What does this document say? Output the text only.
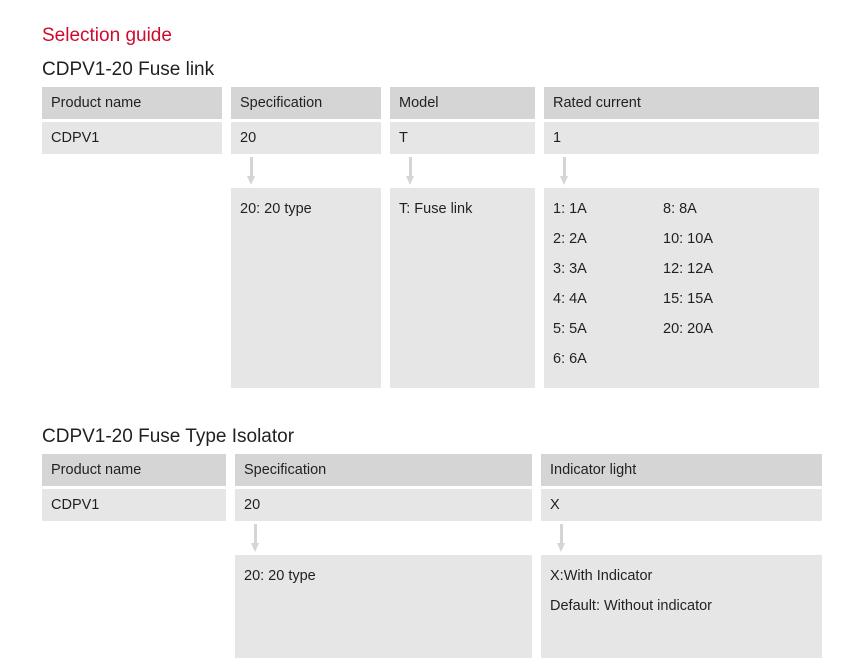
Selection guide
CDPV1-20 Fuse link
Product name
CDPV1
Specification
20
20: 20 type
Model
T
T: Fuse link
Rated current
1
1: 1A
2: 2A
3: 3A
4: 4A
5: 5A
6: 6A
8: 8A
10: 10A
12: 12A
15: 15A
20: 20A
CDPV1-20 Fuse Type Isolator
Product name
CDPV1
Specification
20
20: 20 type
Indicator light
X
X:With Indicator
Default: Without indicator
